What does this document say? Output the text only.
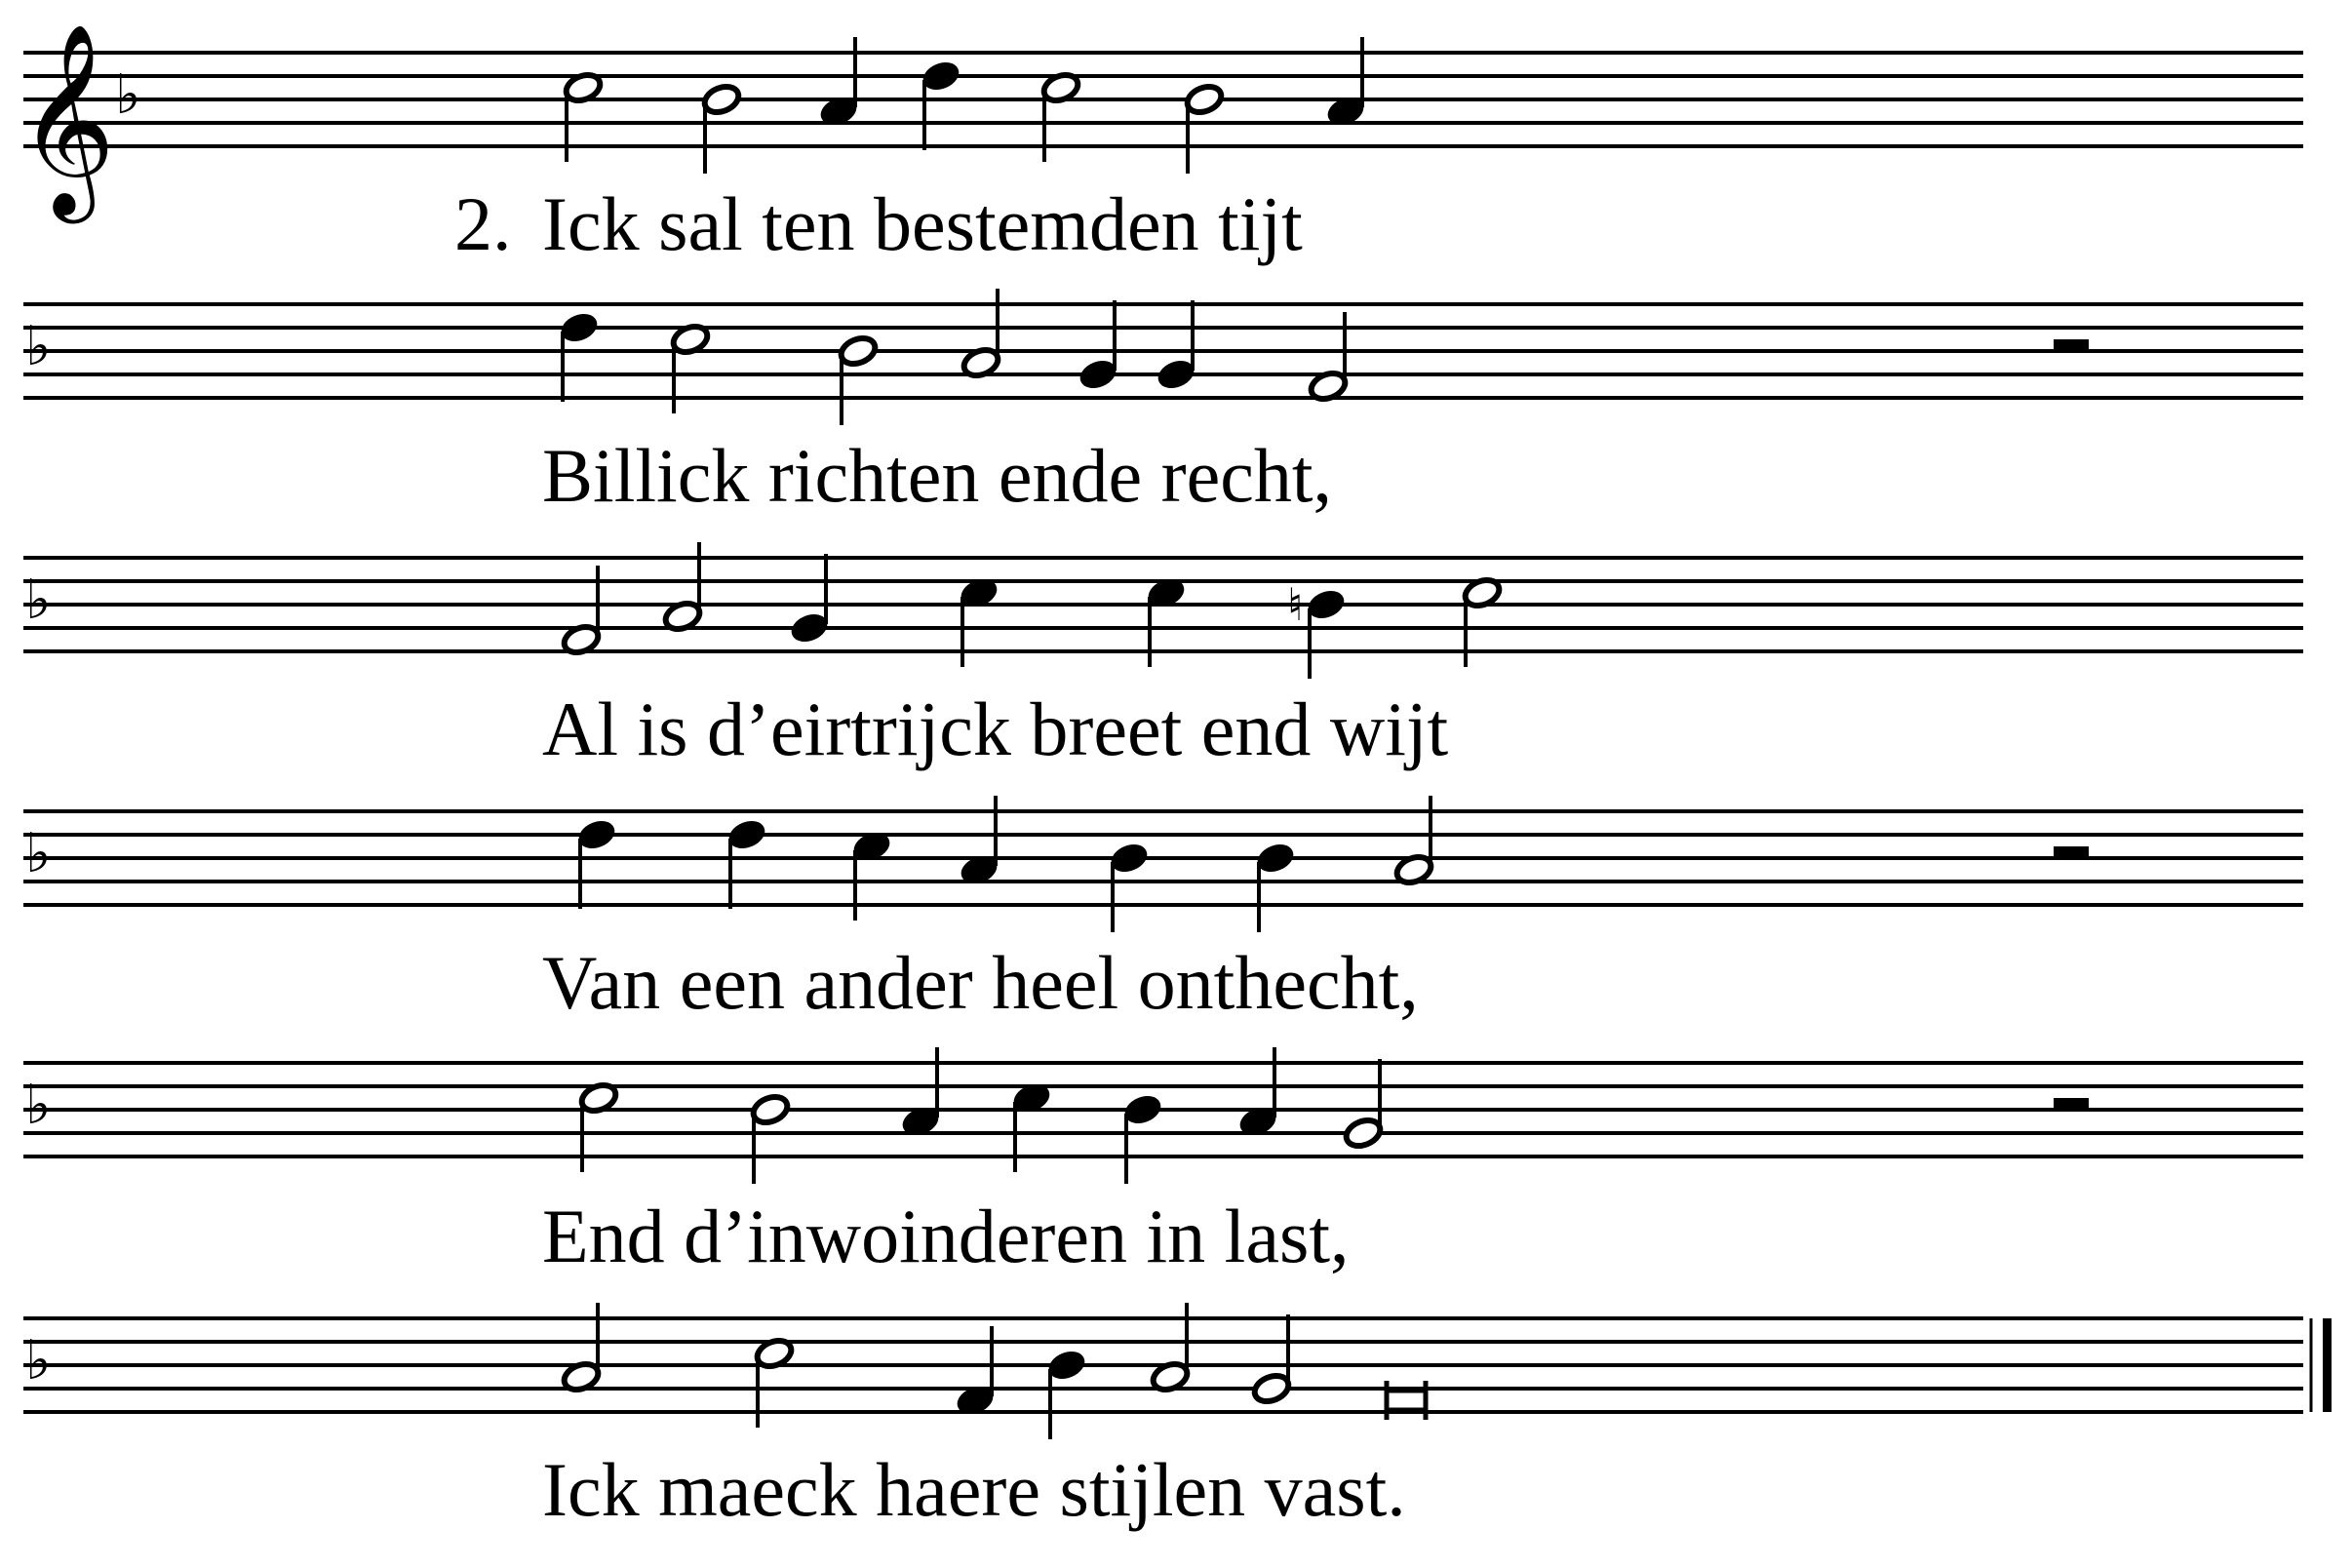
𝄞 ♭
2. Ick sal ten bestemden tijt
♭
Billick richten ende recht,
♭	♮
Al is d’eirtrijck breet end wijt
♭
Van een ander heel onthecht,
♭
End d’inwoinderen in last,
♭
Ick maeck haere stijlen vast.
